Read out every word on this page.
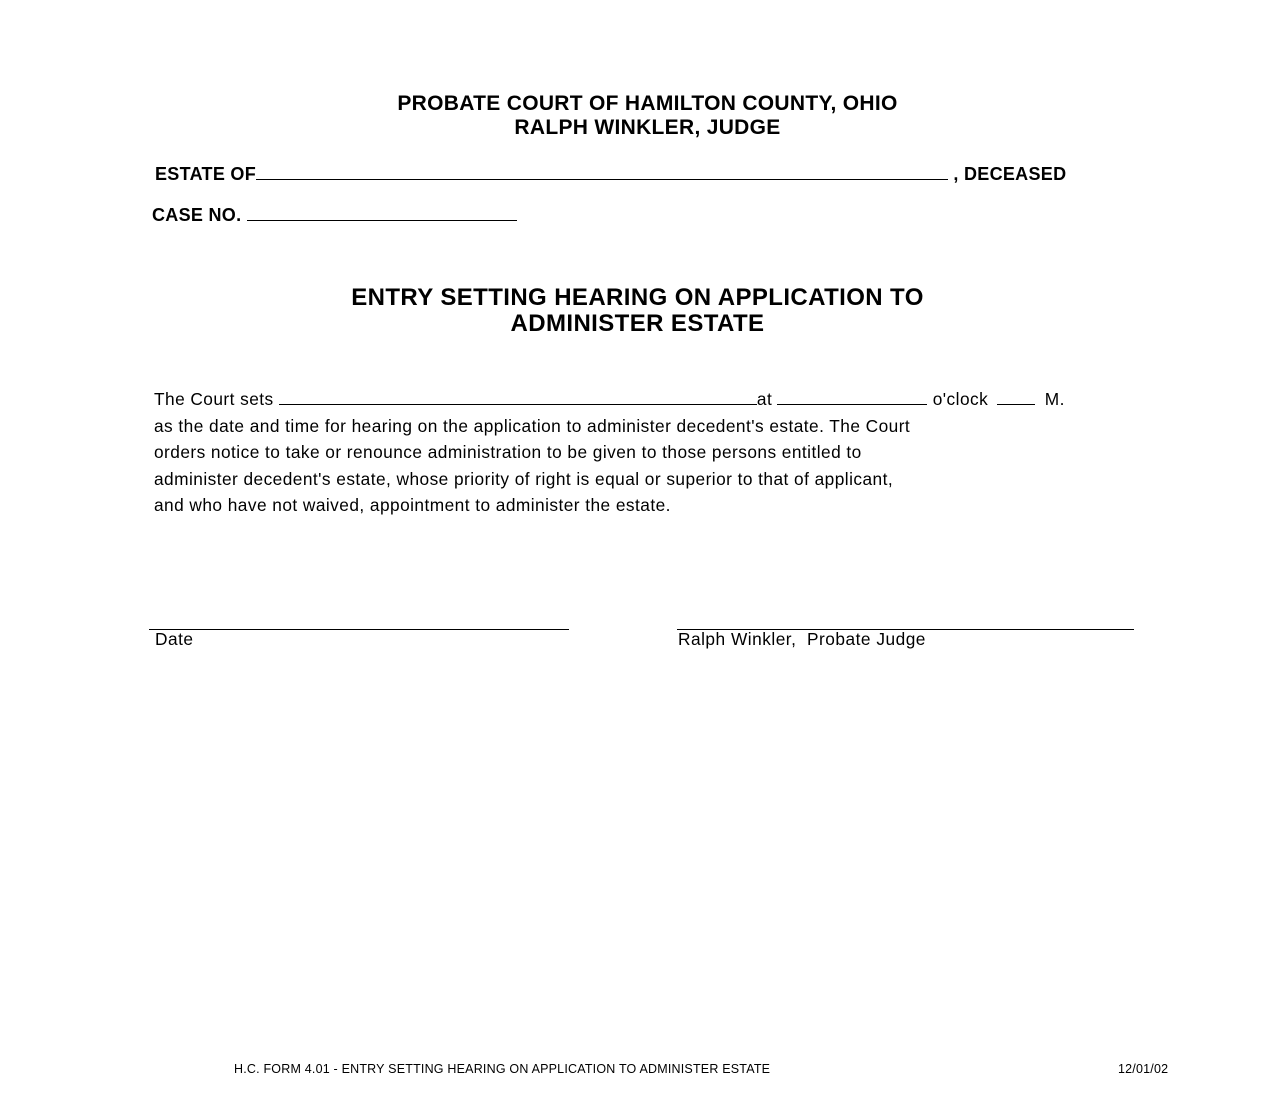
PROBATE COURT OF HAMILTON COUNTY, OHIO
RALPH WINKLER, JUDGE
ESTATE OF	, DECEASED
CASE NO.
ENTRY SETTING HEARING ON APPLICATION TO
ADMINISTER ESTATE
The Court sets	at	o'clock	M.
as the date and time for hearing on the application to administer decedent's estate. The Court
orders notice to take or renounce administration to be given to those persons entitled to
administer decedent's estate, whose priority of right is equal or superior to that of applicant,
and who have not waived, appointment to administer the estate.
Date	Ralph Winkler,  Probate Judge
H.C. FORM 4.01 - ENTRY SETTING HEARING ON APPLICATION TO ADMINISTER ESTATE	12/01/02
